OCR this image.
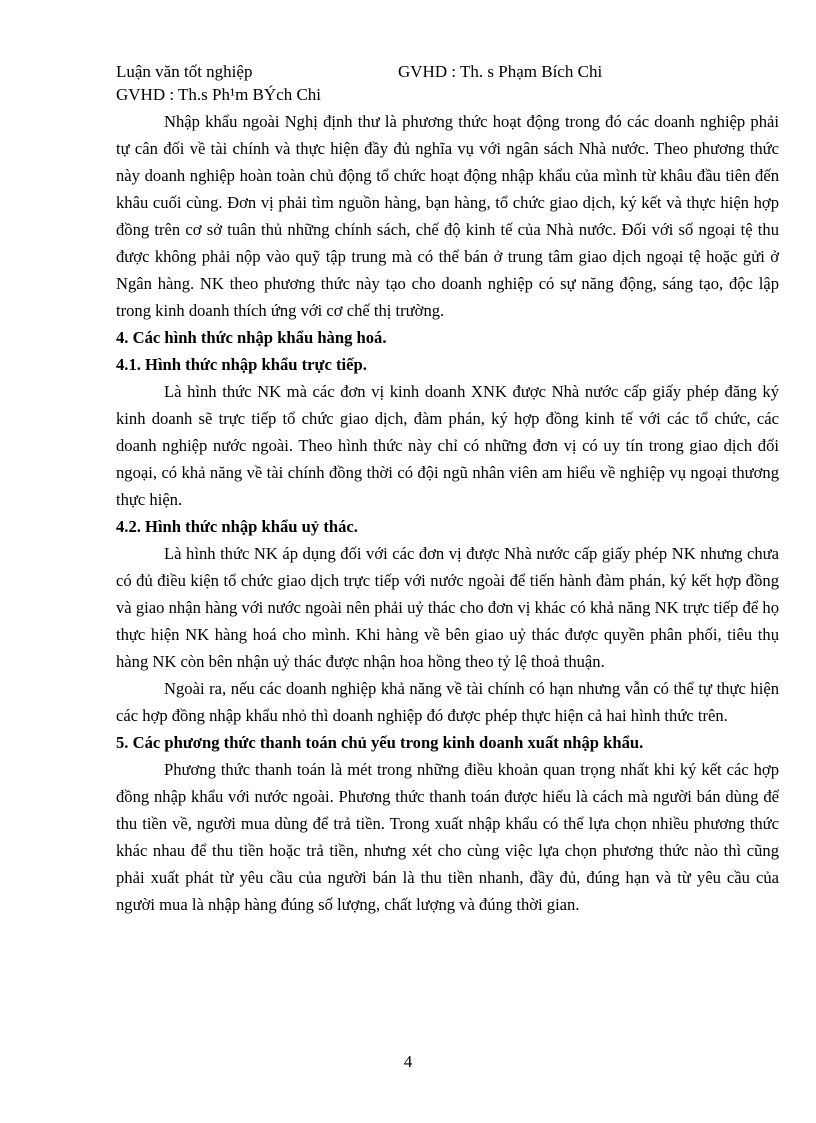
Luận văn tốt nghiệp	GVHD : Th. s Phạm Bích Chi
GVHD : Th.s Ph¹m BÝch Chi

Nhập khẩu ngoài Nghị định thư là phương thức hoạt động trong đó các doanh nghiệp phải tự cân đối về tài chính và thực hiện đầy đủ nghĩa vụ với ngân sách Nhà nước. Theo phương thức này doanh nghiệp hoàn toàn chủ động tổ chức hoạt động nhập khẩu của mình từ khâu đầu tiên đến khâu cuối cùng. Đơn vị phải tìm nguồn hàng, bạn hàng, tổ chức giao dịch, ký kết và thực hiện hợp đồng trên cơ sở tuân thủ những chính sách, chế độ kinh tế của Nhà nước. Đối với số ngoại tệ thu được không phải nộp vào quỹ tập trung mà có thể bán ở trung tâm giao dịch ngoại tệ hoặc gửi ở Ngân hàng. NK theo phương thức này tạo cho doanh nghiệp có sự năng động, sáng tạo, độc lập trong kinh doanh thích ứng với cơ chế thị trường.

4. Các hình thức nhập khẩu hàng hoá.
4.1. Hình thức nhập khẩu trực tiếp.

Là hình thức NK mà các đơn vị kinh doanh XNK được Nhà nước cấp giấy phép đăng ký kinh doanh sẽ trực tiếp tổ chức giao dịch, đàm phán, ký hợp đồng kinh tế với các tổ chức, các doanh nghiệp nước ngoài. Theo hình thức này chỉ có những đơn vị có uy tín trong giao dịch đối ngoại, có khả năng về tài chính đồng thời có đội ngũ nhân viên am hiểu về nghiệp vụ ngoại thương thực hiện.

4.2. Hình thức nhập khẩu uỷ thác.

Là hình thức NK áp dụng đối với các đơn vị được Nhà nước cấp giấy phép NK nhưng chưa có đủ điều kiện tổ chức giao dịch trực tiếp với nước ngoài để tiến hành đàm phán, ký kết hợp đồng và giao nhận hàng với nước ngoài nên phải uỷ thác cho đơn vị khác có khả năng NK trực tiếp để họ thực hiện NK hàng hoá cho mình. Khi hàng về bên giao uỷ thác được quyền phân phối, tiêu thụ hàng NK còn bên nhận uỷ thác được nhận hoa hồng theo tỷ lệ thoả thuận.

Ngoài ra, nếu các doanh nghiệp khả năng về tài chính có hạn nhưng vẫn có thể tự thực hiện các hợp đồng nhập khẩu nhỏ thì doanh nghiệp đó được phép thực hiện cả hai hình thức trên.

5. Các phương thức thanh toán chủ yếu trong kinh doanh xuất nhập khẩu.

Phương thức thanh toán là mét trong những điều khoản quan trọng nhất khi ký kết các hợp đồng nhập khẩu với nước ngoài. Phương thức thanh toán được hiểu là cách mà người bán dùng để thu tiền về, người mua dùng để trả tiền. Trong xuất nhập khẩu có thể lựa chọn nhiều phương thức khác nhau để thu tiền hoặc trả tiền, nhưng xét cho cùng việc lựa chọn phương thức nào thì cũng phải xuất phát từ yêu cầu của người bán là thu tiền nhanh, đầy đủ, đúng hạn và từ yêu cầu của người mua là nhập hàng đúng số lượng, chất lượng và đúng thời gian.

4
